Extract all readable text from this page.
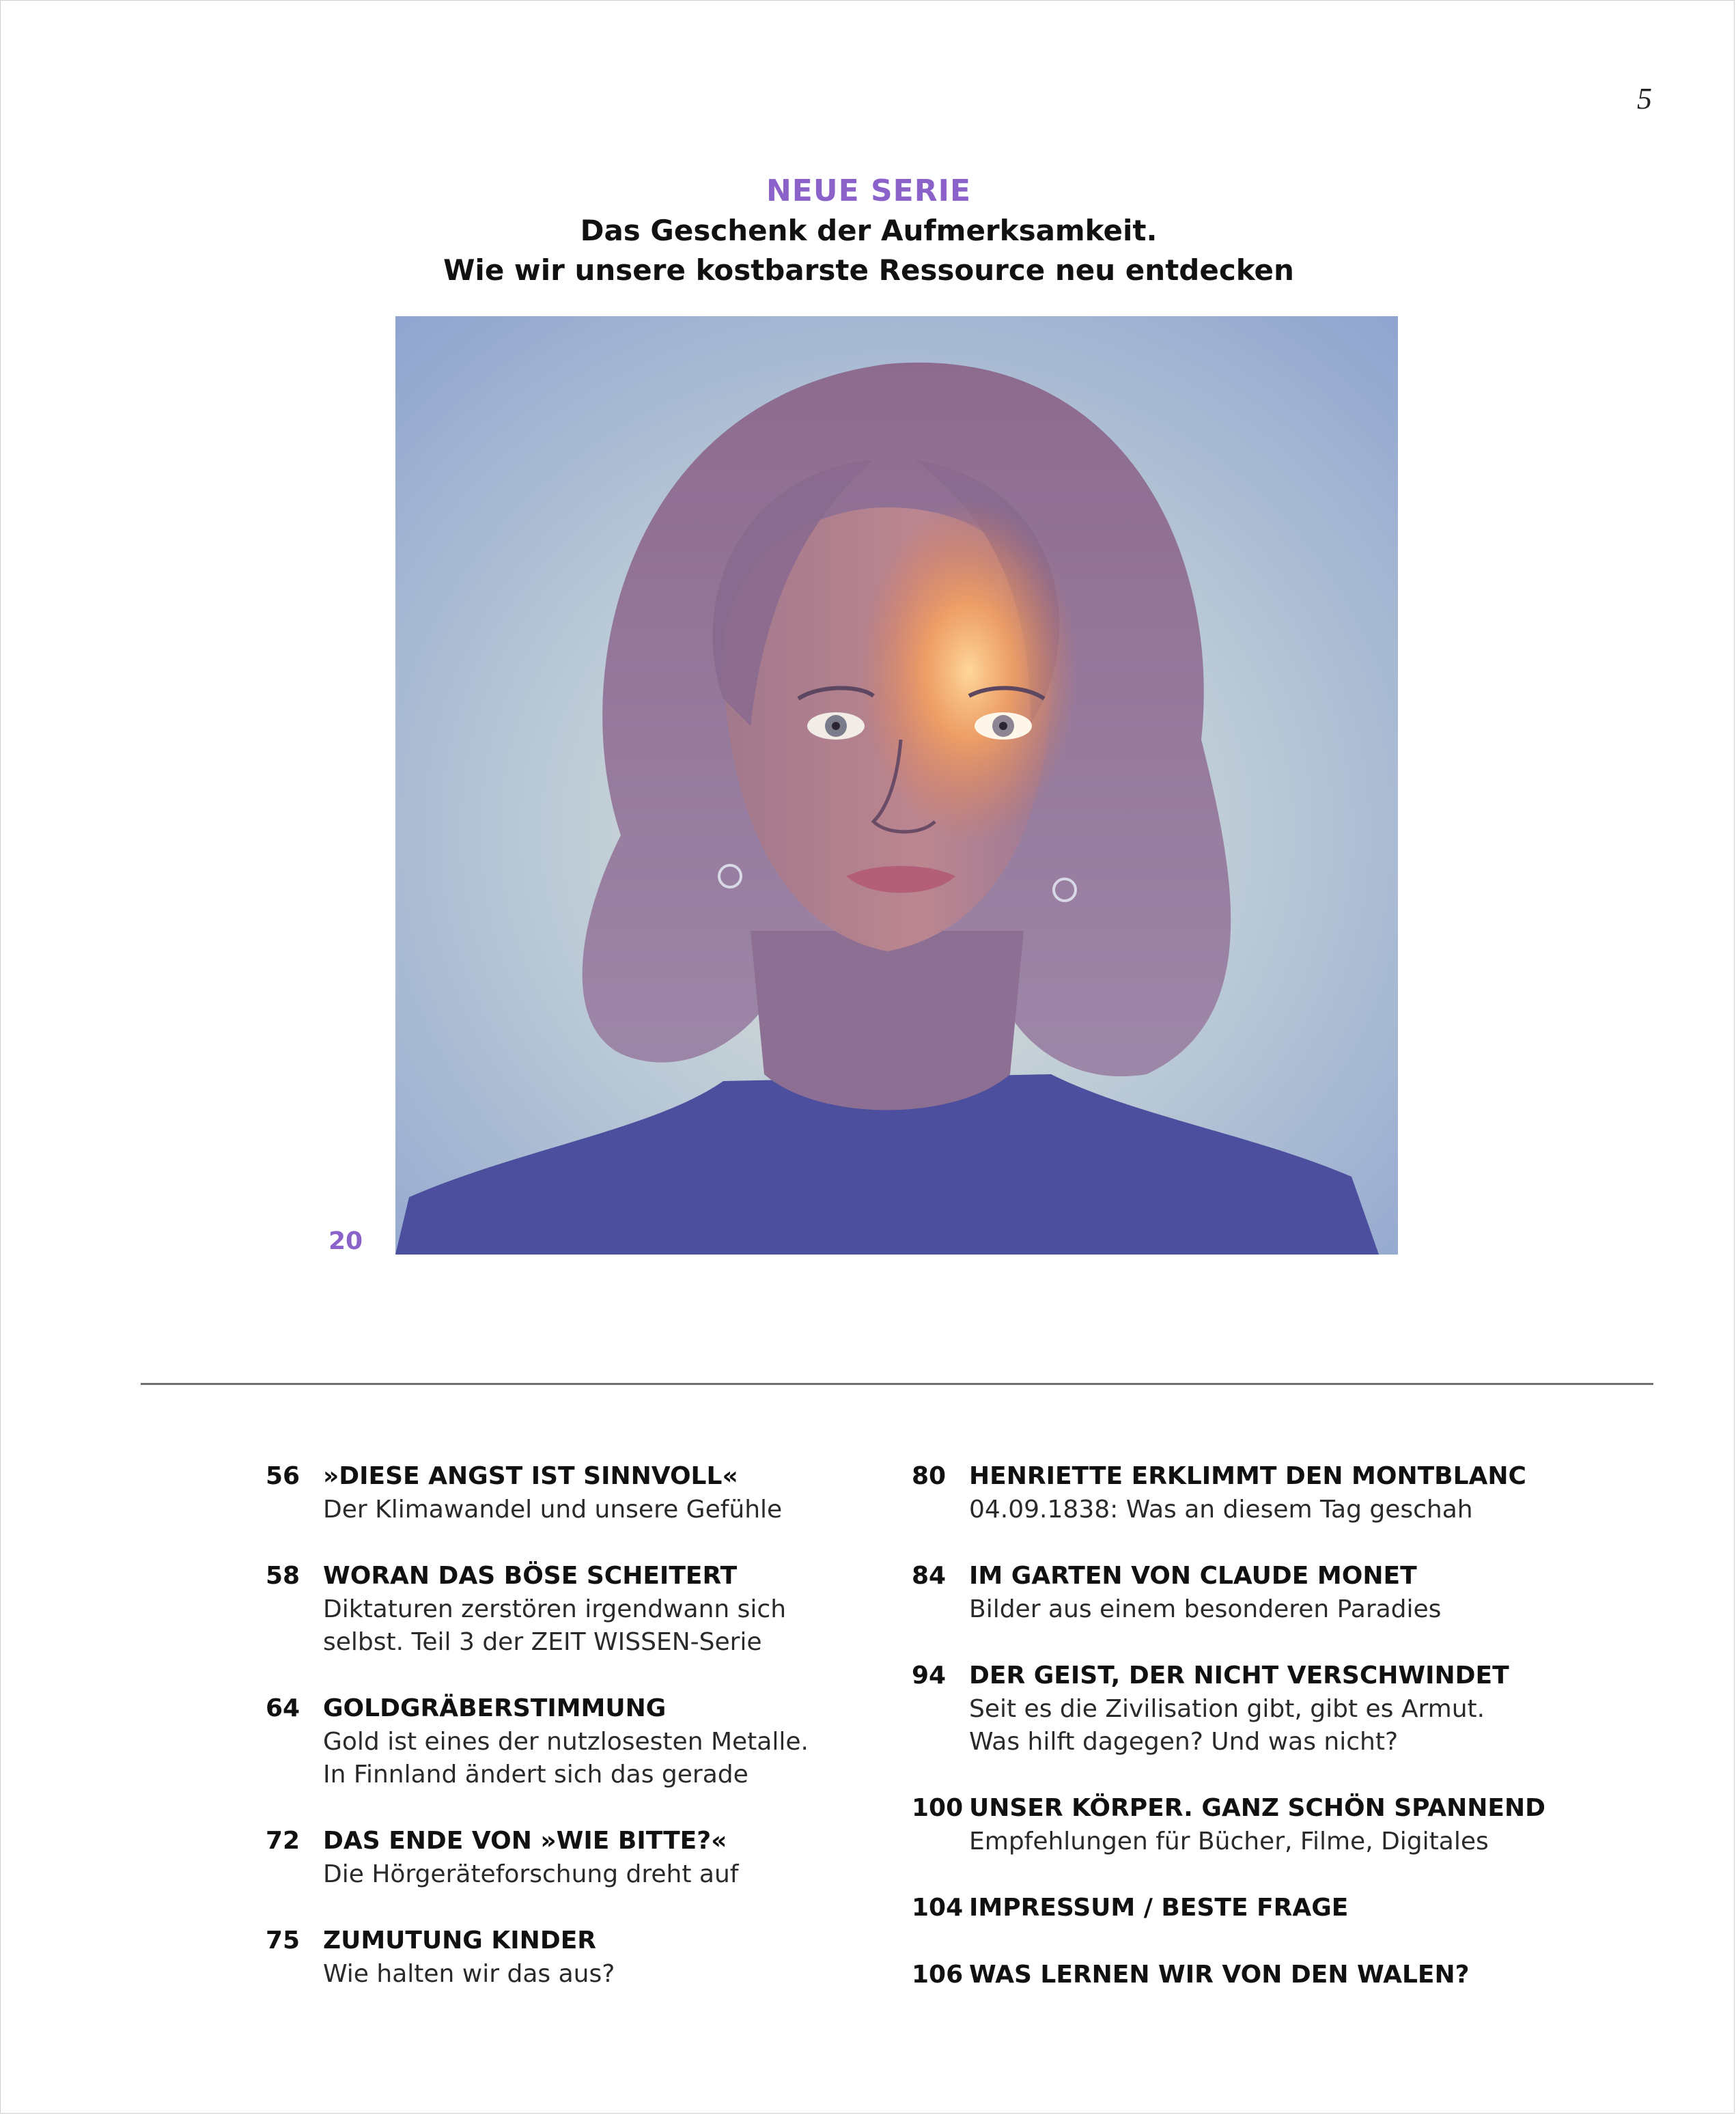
5
NEUE SERIE
Das Geschenk der Aufmerksamkeit.
Wie wir unsere kostbarste Ressource neu entdecken
20
56 »DIESE ANGST IST SINNVOLL«
Der Klimawandel und unsere Gefühle
58 WORAN DAS BÖSE SCHEITERT
Diktaturen zerstören irgendwann sich
selbst. Teil 3 der ZEIT WISSEN-Serie
64 GOLDGRÄBERSTIMMUNG
Gold ist eines der nutzlosesten Metalle.
In Finnland ändert sich das gerade
72 DAS ENDE VON »WIE BITTE?«
Die Hörgeräteforschung dreht auf
75 ZUMUTUNG KINDER
Wie halten wir das aus?
80 HENRIETTE ERKLIMMT DEN MONTBLANC
04.09.1838: Was an diesem Tag geschah
84 IM GARTEN VON CLAUDE MONET
Bilder aus einem besonderen Paradies
94 DER GEIST, DER NICHT VERSCHWINDET
Seit es die Zivilisation gibt, gibt es Armut.
Was hilft dagegen? Und was nicht?
100 UNSER KÖRPER. GANZ SCHÖN SPANNEND
Empfehlungen für Bücher, Filme, Digitales
104 IMPRESSUM / BESTE FRAGE
106 WAS LERNEN WIR VON DEN WALEN?
